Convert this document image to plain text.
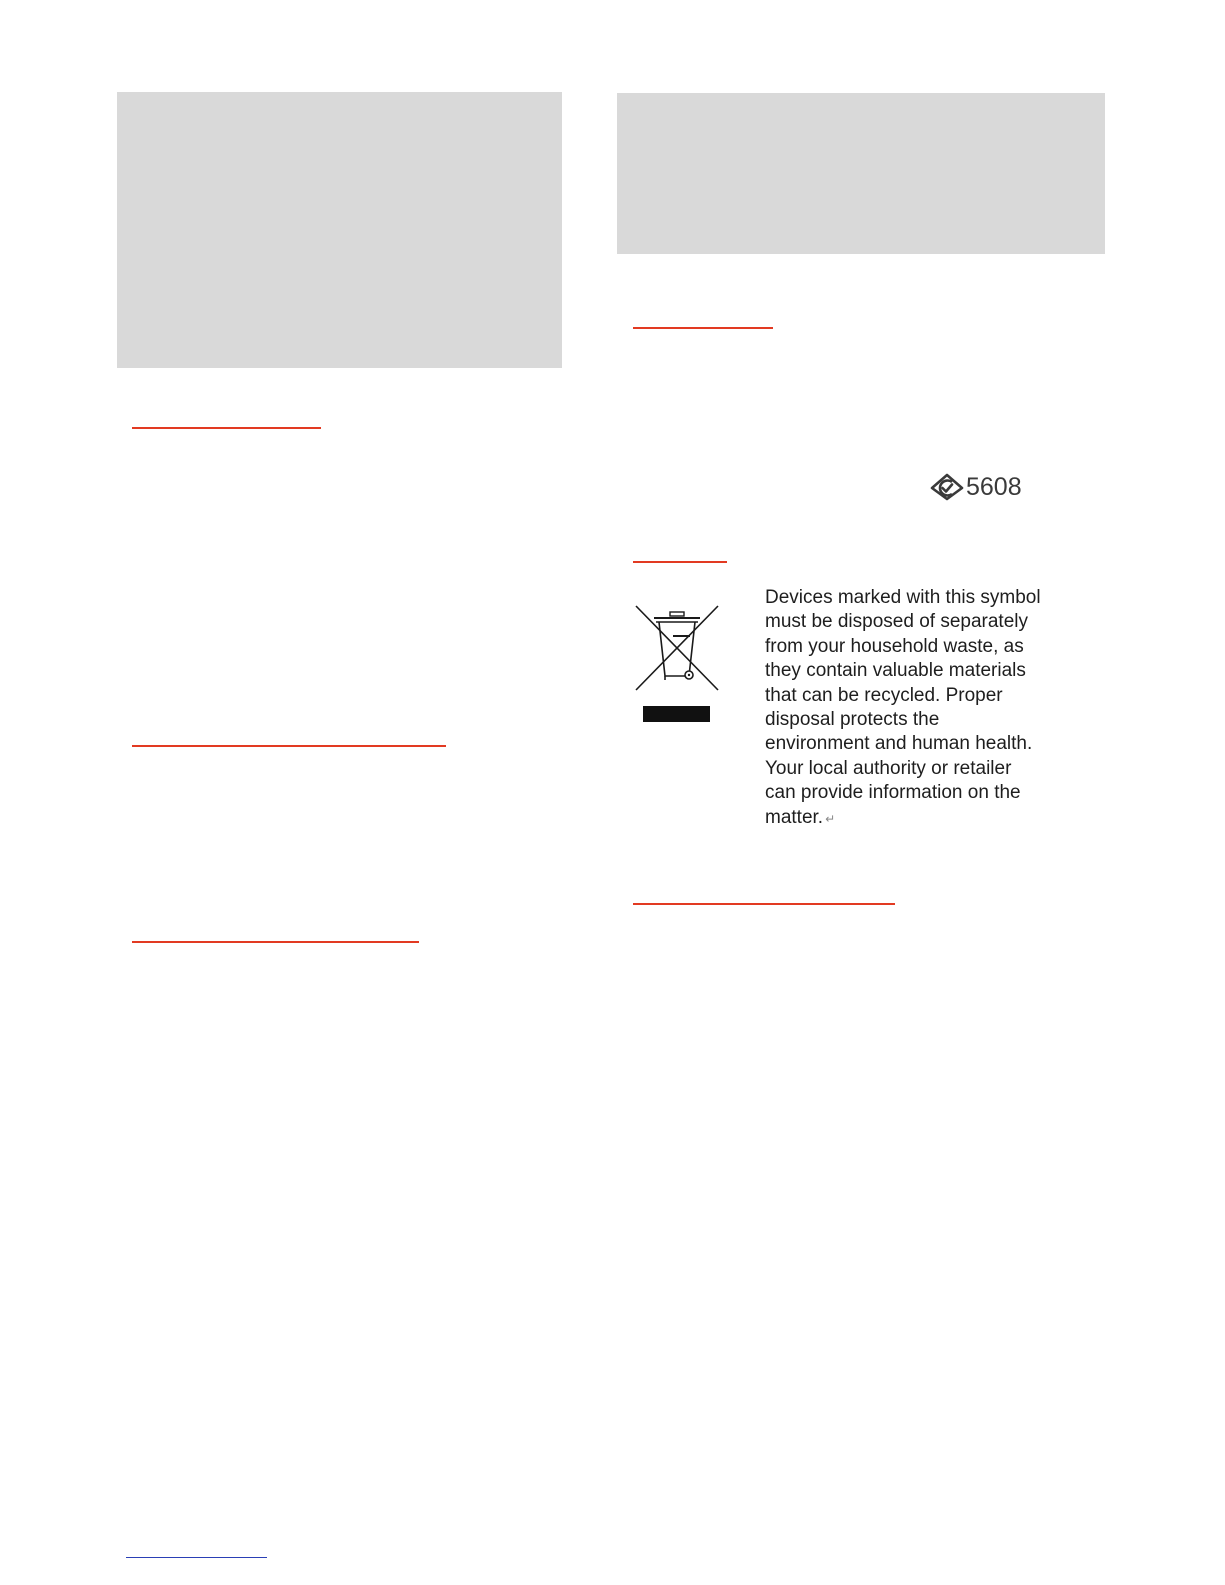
5608
Devices marked with this symbol
must be disposed of separately
from your household waste, as
they contain valuable materials
that can be recycled. Proper
disposal protects the
environment and human health.
Your local authority or retailer
can provide information on the
matter. ↵
